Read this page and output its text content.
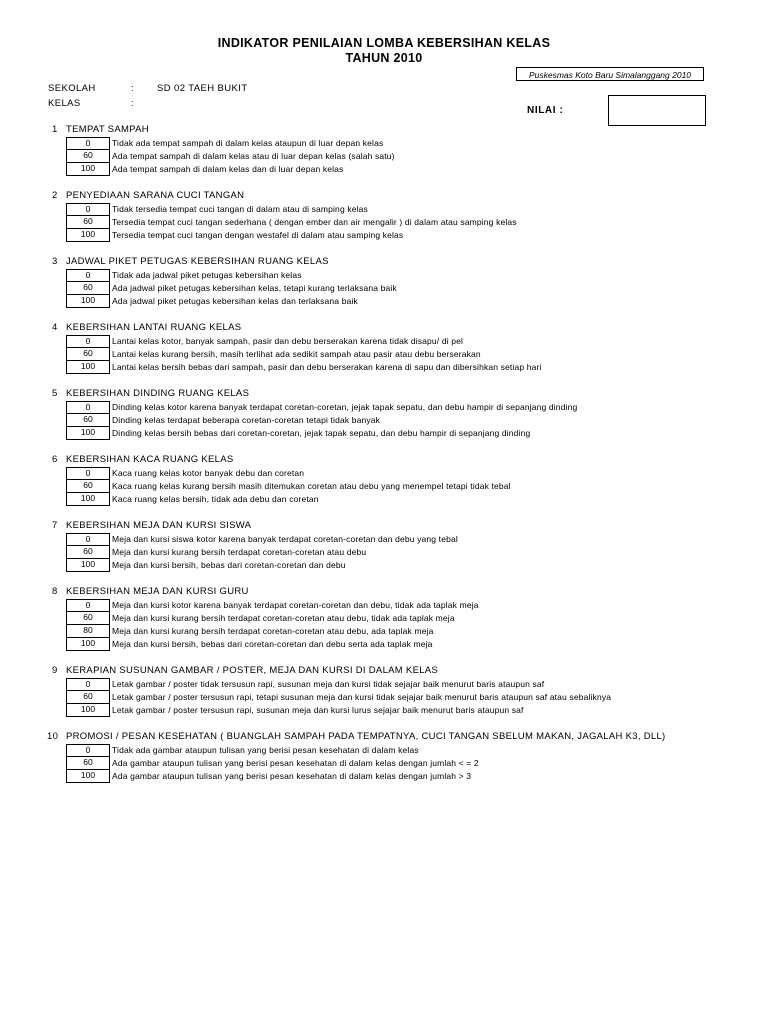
INDIKATOR PENILAIAN LOMBA KEBERSIHAN KELAS
TAHUN 2010
Puskesmas Koto Baru Simalanggang 2010
SEKOLAH	: SD 02 TAEH BUKIT
KELAS	:
NILAI :
1 TEMPAT SAMPAH
0	Tidak ada tempat sampah di dalam kelas ataupun di luar depan kelas
60	Ada tempat sampah di dalam kelas atau di luar depan kelas (salah satu)
100	Ada tempat sampah di dalam kelas dan di luar depan kelas
2 PENYEDIAAN SARANA CUCI TANGAN
0	Tidak tersedia tempat cuci tangan di dalam atau di samping kelas
60	Tersedia tempat cuci tangan sederhana ( dengan ember dan air mengalir ) di dalam atau samping kelas
100	Tersedia tempat cuci tangan dengan westafel di dalam atau samping kelas
3 JADWAL PIKET PETUGAS KEBERSIHAN RUANG KELAS
0	Tidak ada jadwal piket petugas kebersihan kelas
60	Ada jadwal piket petugas kebersihan kelas, tetapi kurang terlaksana baik
100	Ada jadwal piket petugas kebersihan kelas dan terlaksana baik
4 KEBERSIHAN LANTAI RUANG KELAS
0	Lantai kelas kotor, banyak sampah, pasir dan debu berserakan karena tidak disapu/ di pel
60	Lantai kelas kurang bersih, masih terlihat ada sedikit sampah atau pasir atau debu berserakan
100	Lantai kelas bersih bebas dari sampah, pasir dan debu berserakan karena di sapu dan dibersihkan setiap hari
5 KEBERSIHAN DINDING RUANG KELAS
0	Dinding kelas kotor karena banyak terdapat coretan-coretan, jejak tapak sepatu, dan debu hampir di sepanjang dinding
60	Dinding kelas terdapat beberapa coretan-coretan tetapi tidak banyak
100	Dinding kelas bersih bebas dari coretan-coretan, jejak tapak sepatu, dan debu hampir di sepanjang dinding
6 KEBERSIHAN KACA RUANG KELAS
0	Kaca ruang kelas kotor banyak debu dan coretan
60	Kaca ruang kelas kurang bersih masih ditemukan coretan atau debu yang menempel tetapi tidak tebal
100	Kaca ruang kelas bersih, tidak ada debu dan coretan
7 KEBERSIHAN MEJA DAN KURSI SISWA
0	Meja dan kursi siswa kotor karena banyak terdapat coretan-coretan dan debu yang tebal
60	Meja dan kursi kurang bersih terdapat coretan-coretan atau debu
100	Meja dan kursi bersih, bebas dari coretan-coretan dan debu
8 KEBERSIHAN MEJA DAN KURSI GURU
0	Meja dan kursi kotor karena banyak terdapat coretan-coretan dan debu, tidak ada taplak meja
60	Meja dan kursi kurang bersih terdapat coretan-coretan atau debu, tidak ada taplak meja
80	Meja dan kursi kurang bersih terdapat coretan-coretan atau debu, ada taplak meja
100	Meja dan kursi bersih, bebas dari coretan-coretan dan debu serta ada taplak meja
9 KERAPIAN SUSUNAN GAMBAR / POSTER, MEJA DAN KURSI DI DALAM KELAS
0	Letak gambar / poster tidak tersusun rapi, susunan meja dan kursi tidak sejajar baik menurut baris ataupun saf
60	Letak gambar / poster tersusun rapi, tetapi susunan meja dan kursi tidak sejajar baik menurut baris ataupun saf atau sebaliknya
100	Letak gambar / poster tersusun rapi, susunan meja dan kursi lurus sejajar baik menurut baris ataupun saf
10 PROMOSI / PESAN KESEHATAN ( BUANGLAH SAMPAH PADA TEMPATNYA, CUCI TANGAN SBELUM MAKAN, JAGALAH K3, DLL)
0	Tidak ada gambar ataupun tulisan yang berisi pesan kesehatan di dalam kelas
60	Ada gambar ataupun tulisan yang berisi pesan kesehatan di dalam kelas dengan jumlah < = 2
100	Ada gambar ataupun tulisan yang berisi pesan kesehatan di dalam kelas dengan jumlah > 3
